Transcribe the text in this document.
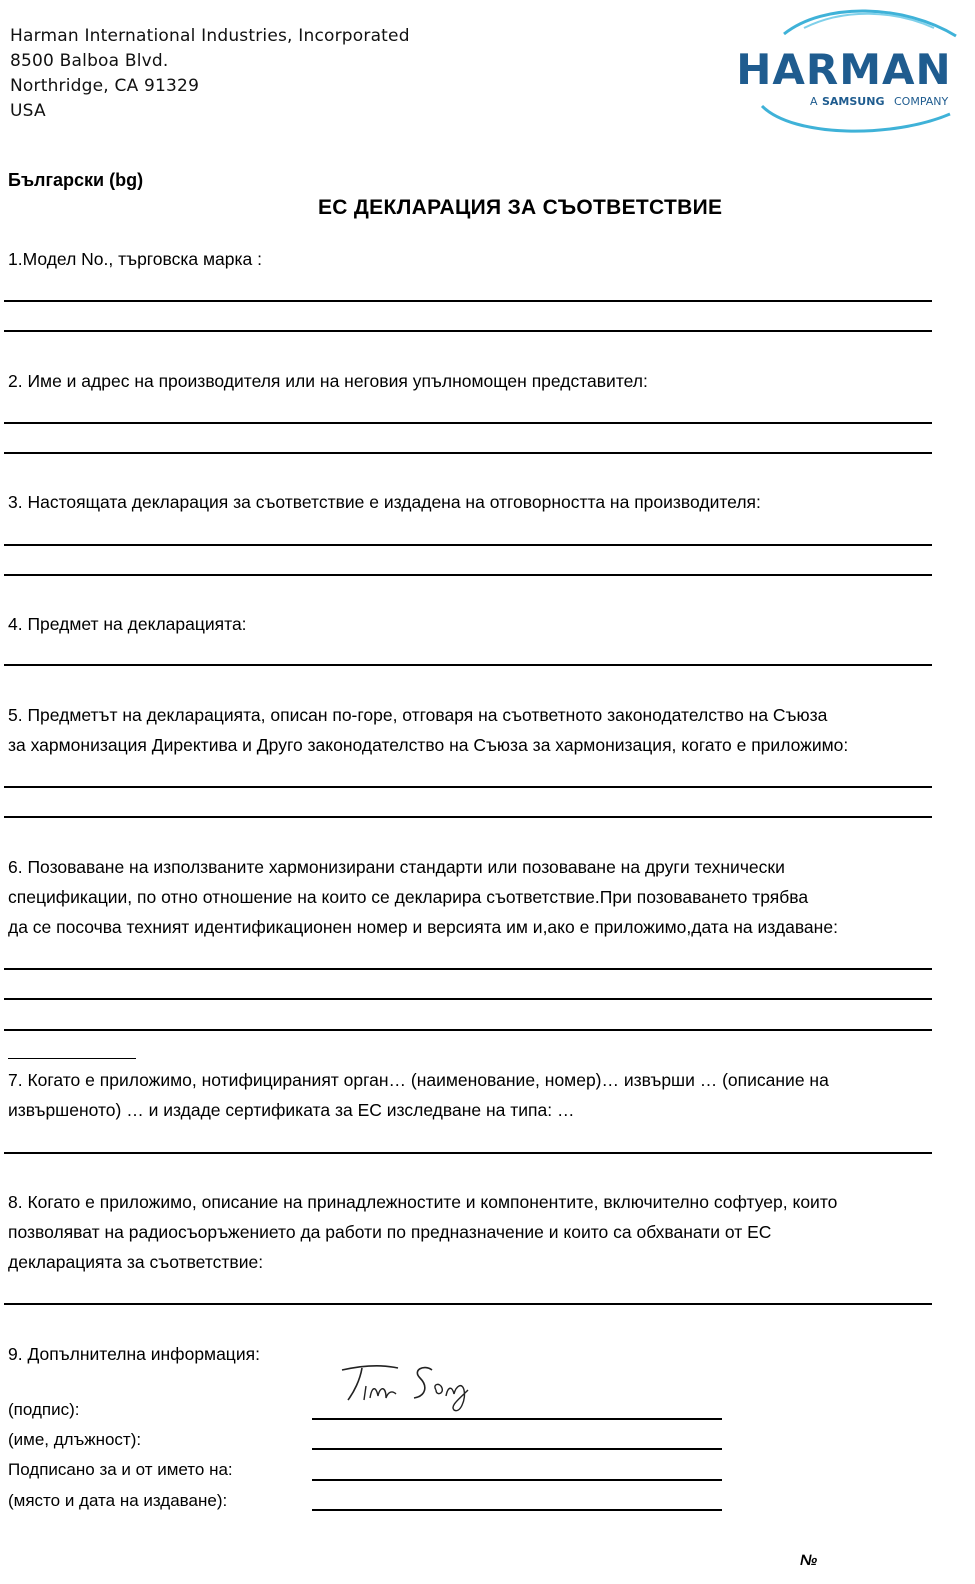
Harman International Industries, Incorporated
8500 Balboa Blvd.
Northridge, CA 91329
USA
HARMAN
A SAMSUNG COMPANY
Български (bg)
ЕС ДЕКЛАРАЦИЯ ЗА СЪОТВЕТСТВИЕ
1.Модел No., търговска марка :
2. Име и адрес на производителя или на неговия упълномощен представител:
3. Настоящата декларация за съответствие е издадена на отговорността на производителя:
4. Предмет на декларацията:
5. Предметът на декларацията, описан по-горе, отговаря на съответното законодателство на Съюза
за хармонизация Директива и Друго законодателство на Съюза за хармонизация, когато е приложимо:
6. Позоваване на използваните хармонизирани стандарти или позоваване на други технически
спецификации, по отно отношение на които се декларира съответствие.При позоваването трябва
да се посочва техният идентификационен номер и версията им и,ако е приложимо,дата на издаване:
7. Когато е приложимо, нотифицираният орган… (наименование, номер)… извърши … (описание на
извършеното) … и издаде сертификата за ЕС изследване на типа: …
8. Когато е приложимо, описание на принадлежностите и компонентите, включително софтуер, които
позволяват на радиосъоръжението да работи по предназначение и които са обхванати от ЕС
декларацията за съответствие:
9. Допълнителна информация:
(подпис):
(име, длъжност):
Подписано за и от името на:
(място и дата на издаване):
№
